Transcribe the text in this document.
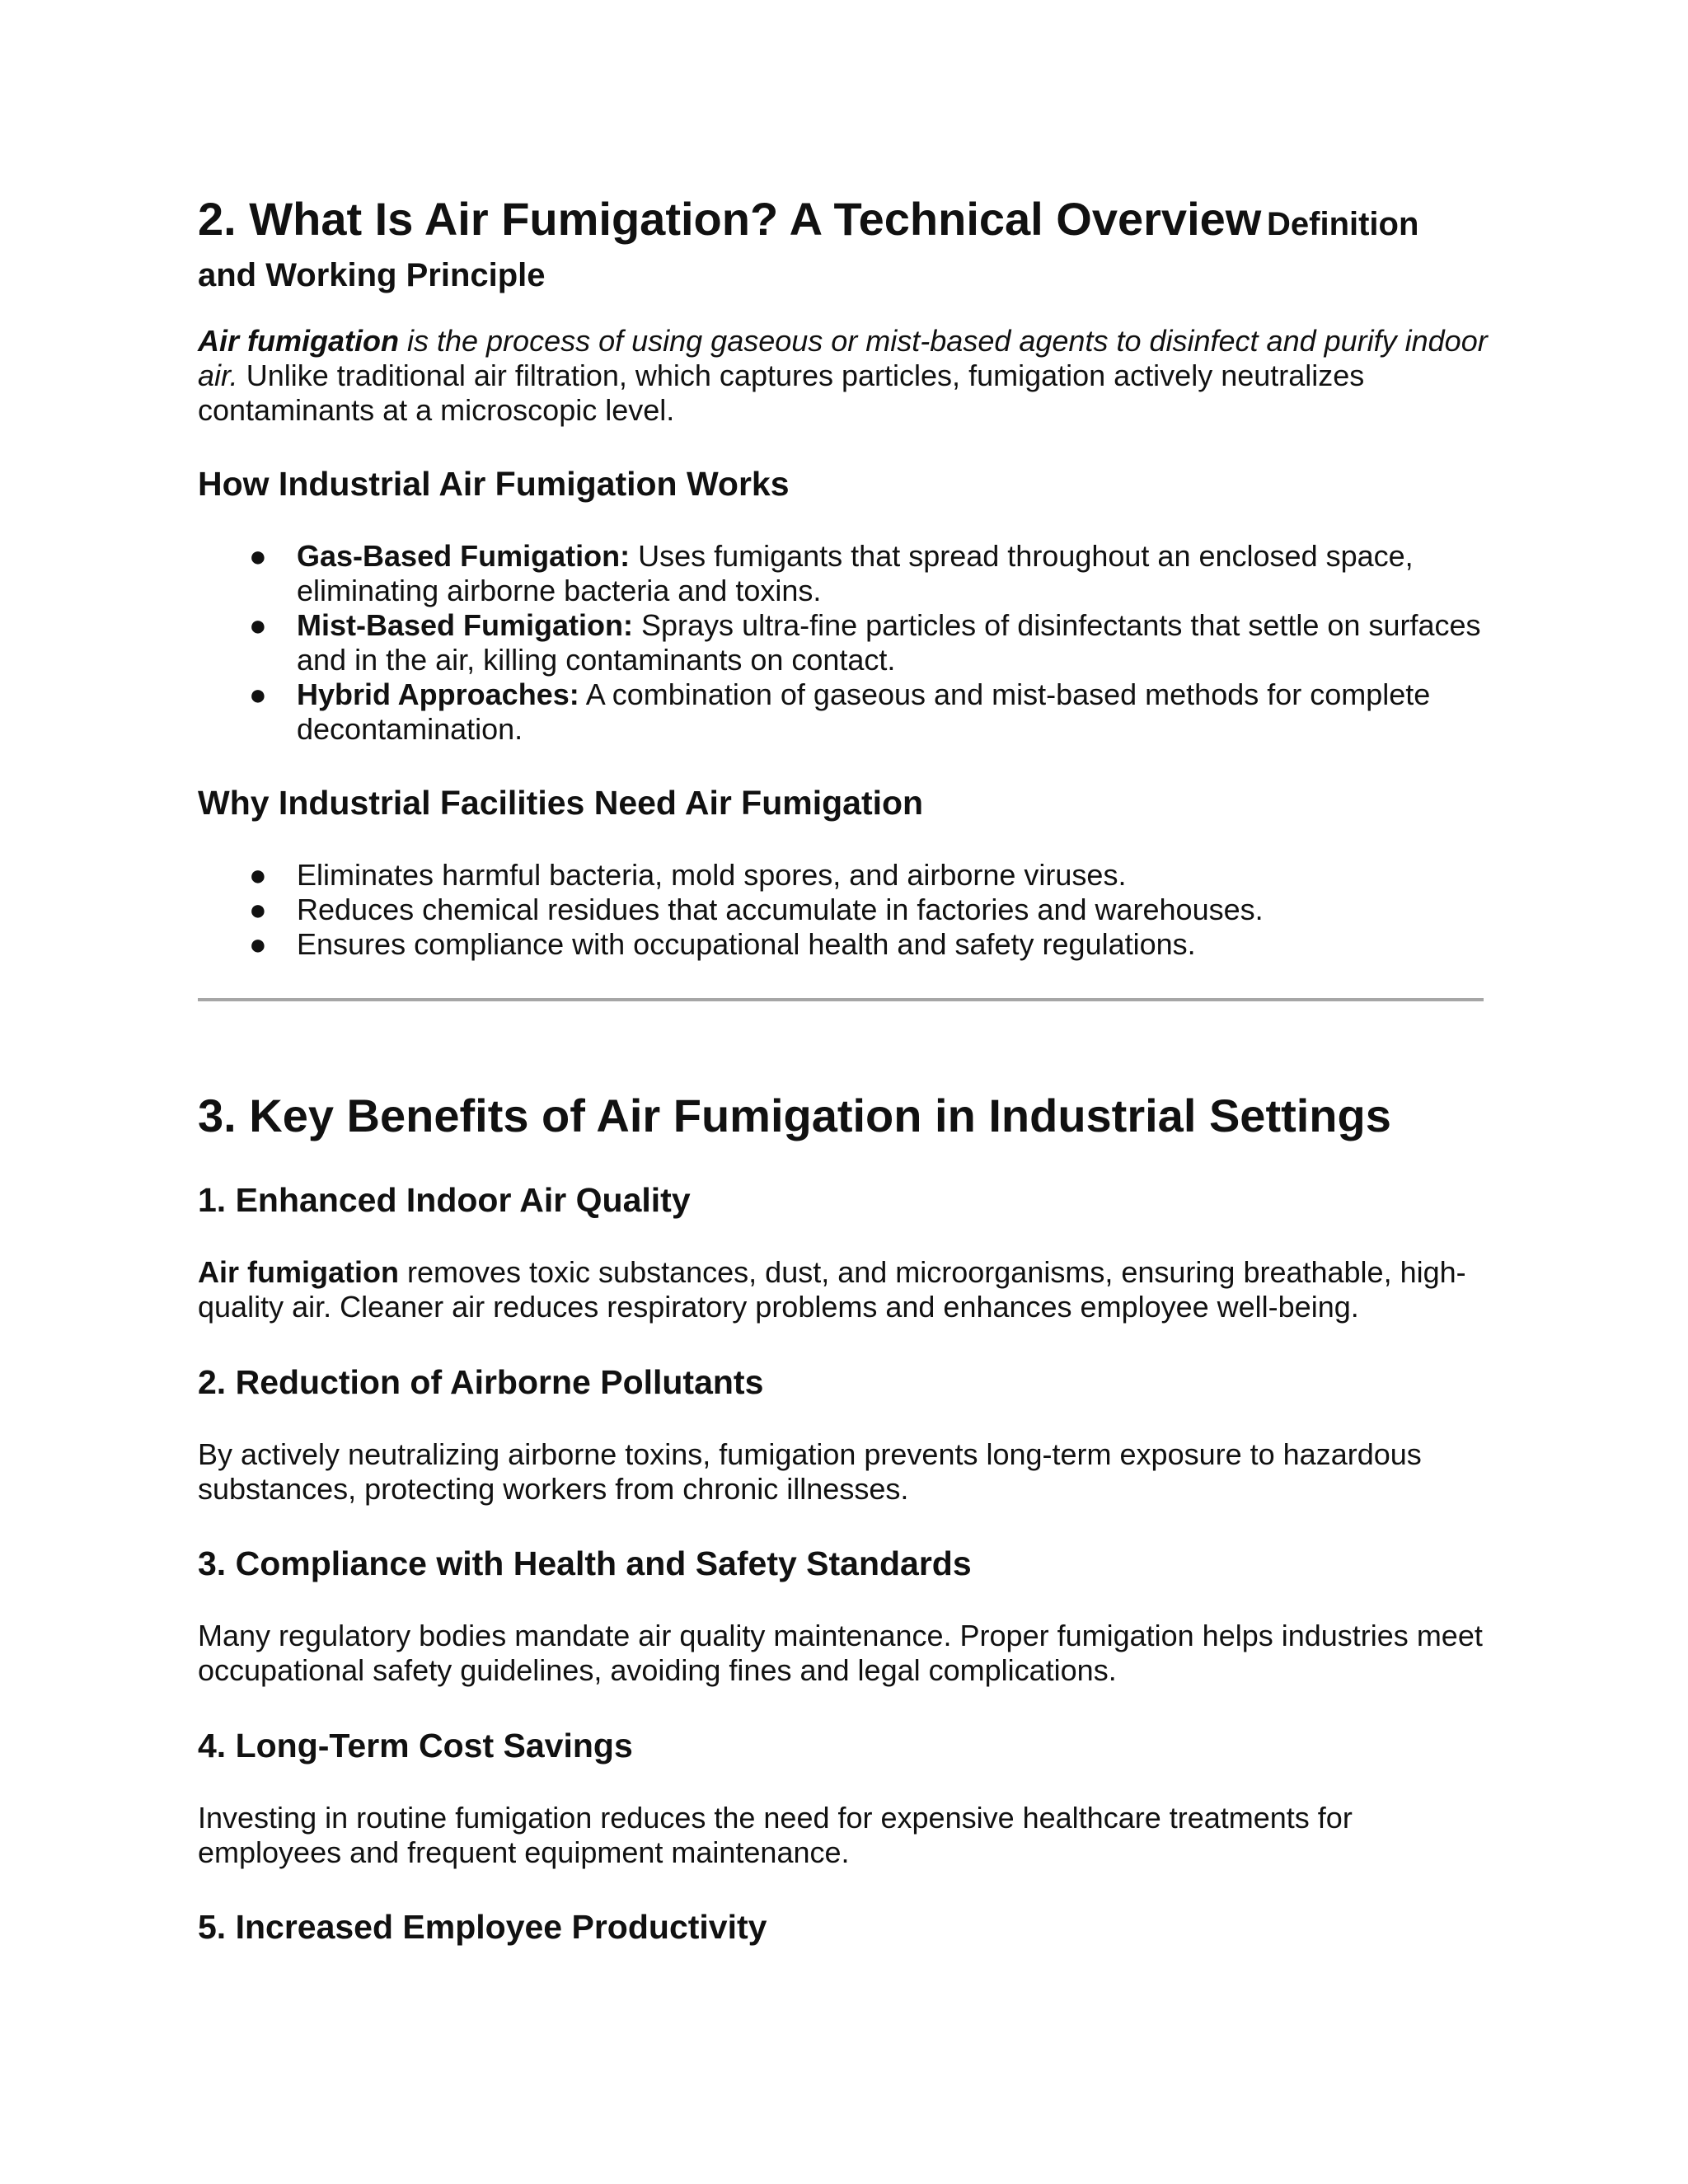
2. What Is Air Fumigation? A Technical Overview Definition and Working Principle

Air fumigation is the process of using gaseous or mist-based agents to disinfect and purify indoor air. Unlike traditional air filtration, which captures particles, fumigation actively neutralizes contaminants at a microscopic level.

How Industrial Air Fumigation Works
● Gas-Based Fumigation: Uses fumigants that spread throughout an enclosed space, eliminating airborne bacteria and toxins.
● Mist-Based Fumigation: Sprays ultra-fine particles of disinfectants that settle on surfaces and in the air, killing contaminants on contact.
● Hybrid Approaches: A combination of gaseous and mist-based methods for complete decontamination.
Why Industrial Facilities Need Air Fumigation
● Eliminates harmful bacteria, mold spores, and airborne viruses.
● Reduces chemical residues that accumulate in factories and warehouses.
● Ensures compliance with occupational health and safety regulations.
3. Key Benefits of Air Fumigation in Industrial Settings
1. Enhanced Indoor Air Quality

Air fumigation removes toxic substances, dust, and microorganisms, ensuring breathable, high-quality air. Cleaner air reduces respiratory problems and enhances employee well-being.

2. Reduction of Airborne Pollutants

By actively neutralizing airborne toxins, fumigation prevents long-term exposure to hazardous substances, protecting workers from chronic illnesses.

3. Compliance with Health and Safety Standards

Many regulatory bodies mandate air quality maintenance. Proper fumigation helps industries meet occupational safety guidelines, avoiding fines and legal complications.

4. Long-Term Cost Savings

Investing in routine fumigation reduces the need for expensive healthcare treatments for employees and frequent equipment maintenance.

5. Increased Employee Productivity
